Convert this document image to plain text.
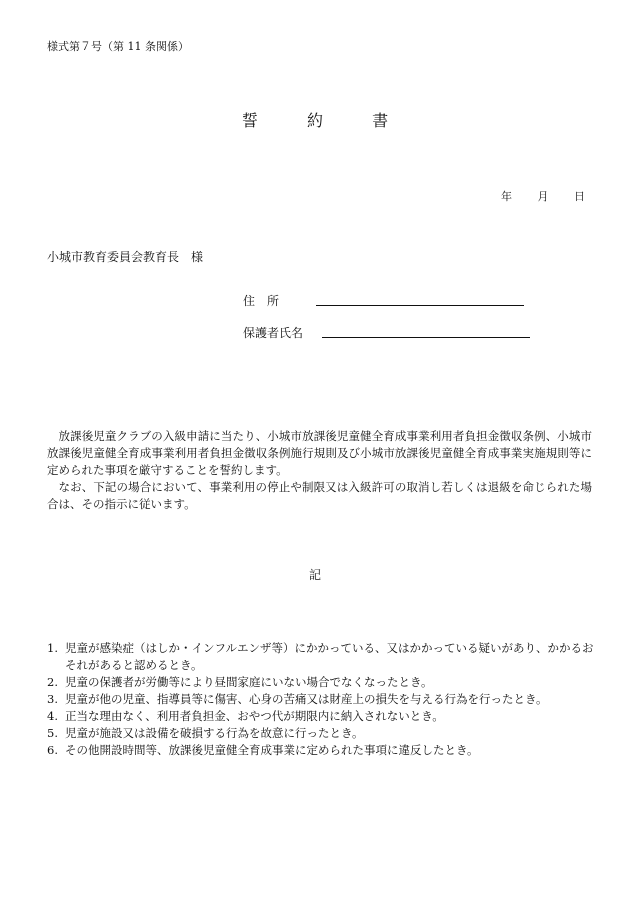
様式第７号（第 11 条関係）
誓	約	書
年 月 日
小城市教育委員会教育長　様
住　所
保護者氏名

放課後児童クラブの入級申請に当たり、小城市放課後児童健全育成事業利用者負担金徴収条例、小城市放課後児童健全育成事業利用者負担金徴収条例施行規則及び小城市放課後児童健全育成事業実施規則等に定められた事項を厳守することを誓約します。

なお、下記の場合において、事業利用の停止や制限又は入級許可の取消し若しくは退級を命じられた場合は、その指示に従います。

記
1. 児童が感染症（はしか・インフルエンザ等）にかかっている、又はかかっている疑いがあり、かかるおそれがあると認めるとき。
2. 児童の保護者が労働等により昼間家庭にいない場合でなくなったとき。
3. 児童が他の児童、指導員等に傷害、心身の苦痛又は財産上の損失を与える行為を行ったとき。
4. 正当な理由なく、利用者負担金、おやつ代が期限内に納入されないとき。
5. 児童が施設又は設備を破損する行為を故意に行ったとき。
6. その他開設時間等、放課後児童健全育成事業に定められた事項に違反したとき。
